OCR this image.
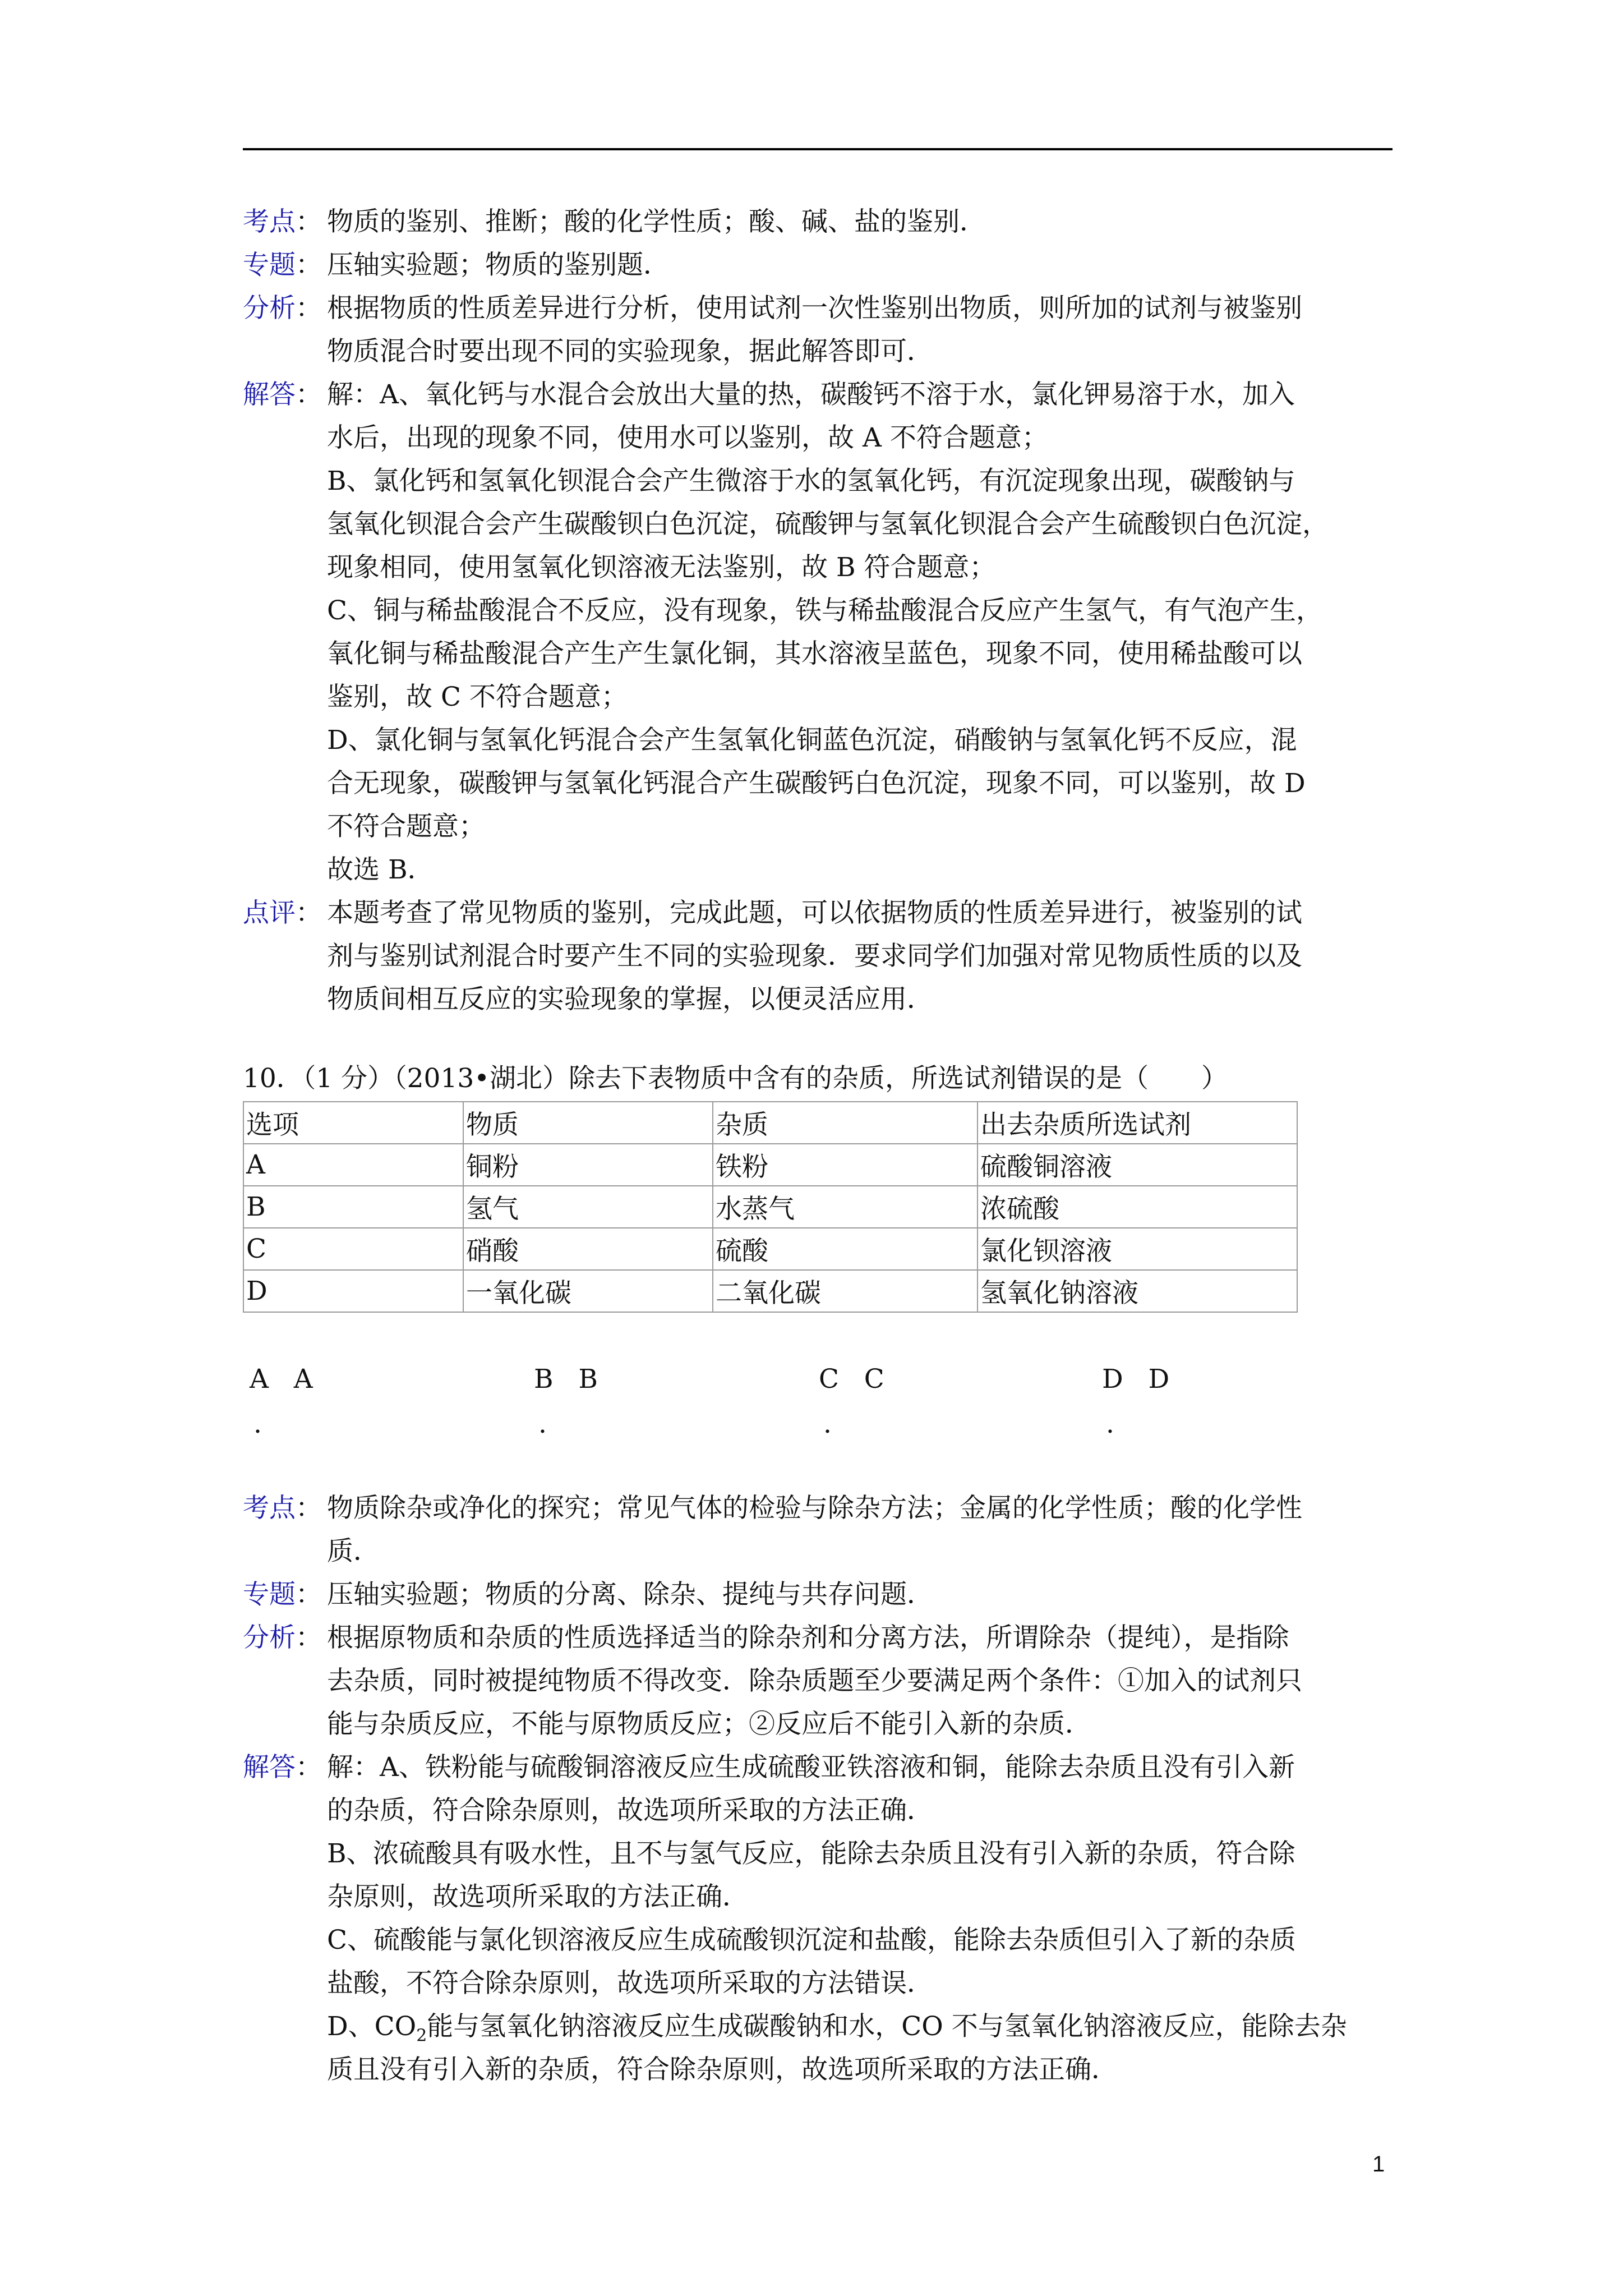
考点： 物质的鉴别、推断；酸的化学性质；酸、碱、盐的鉴别．
专题： 压轴实验题；物质的鉴别题．
分析： 根据物质的性质差异进行分析，使用试剂一次性鉴别出物质，则所加的试剂与被鉴别
物质混合时要出现不同的实验现象，据此解答即可．
解答： 解：A、氧化钙与水混合会放出大量的热，碳酸钙不溶于水，氯化钾易溶于水，加入
水后，出现的现象不同，使用水可以鉴别，故 A 不符合题意；
B、氯化钙和氢氧化钡混合会产生微溶于水的氢氧化钙，有沉淀现象出现，碳酸钠与
氢氧化钡混合会产生碳酸钡白色沉淀，硫酸钾与氢氧化钡混合会产生硫酸钡白色沉淀，
现象相同，使用氢氧化钡溶液无法鉴别，故 B 符合题意；
C、铜与稀盐酸混合不反应，没有现象，铁与稀盐酸混合反应产生氢气，有气泡产生，
氧化铜与稀盐酸混合产生产生氯化铜，其水溶液呈蓝色，现象不同，使用稀盐酸可以
鉴别，故 C 不符合题意；
D、氯化铜与氢氧化钙混合会产生氢氧化铜蓝色沉淀，硝酸钠与氢氧化钙不反应，混
合无现象，碳酸钾与氢氧化钙混合产生碳酸钙白色沉淀，现象不同，可以鉴别，故 D
不符合题意；
故选 B．
点评： 本题考查了常见物质的鉴别，完成此题，可以依据物质的性质差异进行，被鉴别的试
剂与鉴别试剂混合时要产生不同的实验现象．要求同学们加强对常见物质性质的以及
物质间相互反应的实验现象的掌握，以便灵活应用．
10．（1 分）（2013•湖北）除去下表物质中含有的杂质，所选试剂错误的是（　　）
选项	物质	杂质	出去杂质所选试剂
A	铜粉	铁粉	硫酸铜溶液
B	氢气	水蒸气	浓硫酸
C	硝酸	硫酸	氯化钡溶液
D	一氧化碳	二氧化碳	氢氧化钠溶液
A A
.
B B
.
C C
.
D D
.
考点： 物质除杂或净化的探究；常见气体的检验与除杂方法；金属的化学性质；酸的化学性
质．
专题： 压轴实验题；物质的分离、除杂、提纯与共存问题．
分析： 根据原物质和杂质的性质选择适当的除杂剂和分离方法，所谓除杂（提纯），是指除
去杂质，同时被提纯物质不得改变．除杂质题至少要满足两个条件：①加入的试剂只
能与杂质反应，不能与原物质反应；②反应后不能引入新的杂质．
解答： 解：A、铁粉能与硫酸铜溶液反应生成硫酸亚铁溶液和铜，能除去杂质且没有引入新
的杂质，符合除杂原则，故选项所采取的方法正确．
B、浓硫酸具有吸水性，且不与氢气反应，能除去杂质且没有引入新的杂质，符合除
杂原则，故选项所采取的方法正确．
C、硫酸能与氯化钡溶液反应生成硫酸钡沉淀和盐酸，能除去杂质但引入了新的杂质
盐酸，不符合除杂原则，故选项所采取的方法错误．
D、$CO_2$能与氢氧化钠溶液反应生成碳酸钠和水，CO 不与氢氧化钠溶液反应，能除去杂
质且没有引入新的杂质，符合除杂原则，故选项所采取的方法正确．
1
